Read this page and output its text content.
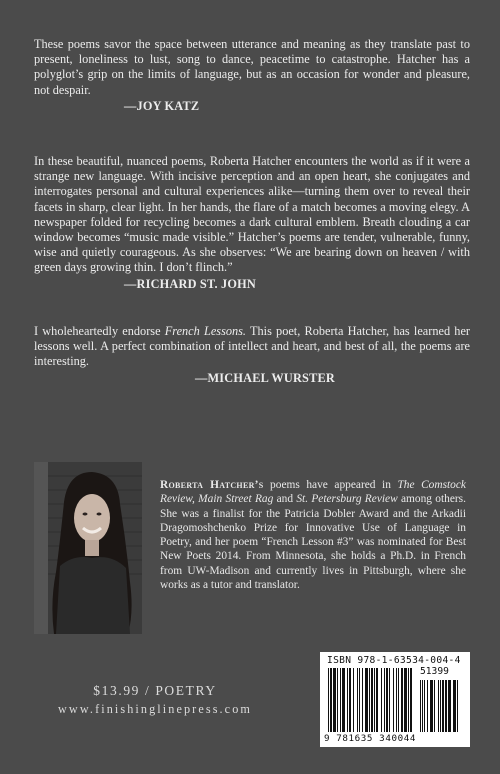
These poems savor the space between utterance and meaning as they translate past to present, loneliness to lust, song to dance, peacetime to catastrophe. Hatcher has a polyglot’s grip on the limits of language, but as an occasion for wonder and pleasure, not despair.

—JOY KATZ

In these beautiful, nuanced poems, Roberta Hatcher encounters the world as if it were a strange new language. With incisive perception and an open heart, she conjugates and interrogates personal and cultural experiences alike—turning them over to reveal their facets in sharp, clear light. In her hands, the flare of a match becomes a moving elegy. A newspaper folded for recycling becomes a dark cultural emblem. Breath clouding a car window becomes “music made visible.” Hatcher’s poems are tender, vulnerable, funny, wise and quietly courageous. As she observes: “We are bearing down on heaven / with green days growing thin. I don’t flinch.”

—RICHARD ST. JOHN

I wholeheartedly endorse French Lessons. This poet, Roberta Hatcher, has learned her lessons well. A perfect combination of intellect and heart, and best of all, the poems are interesting.

—MICHAEL WURSTER
Roberta Hatcher’s poems have appeared in The Comstock Review, Main Street Rag and St. Petersburg Review among others. She was a finalist for the Patricia Dobler Award and the Arkadii Dragomoshchenko Prize for Innovative Use of Language in Poetry, and her poem “French Lesson #3” was nominated for Best New Poets 2014. From Minnesota, she holds a Ph.D. in French from UW-Madison and currently lives in Pittsburgh, where she works as a tutor and translator.
$13.99 / POETRY
www.finishinglinepress.com
ISBN 978-1-63534-004-4
51399
9 781635 340044
